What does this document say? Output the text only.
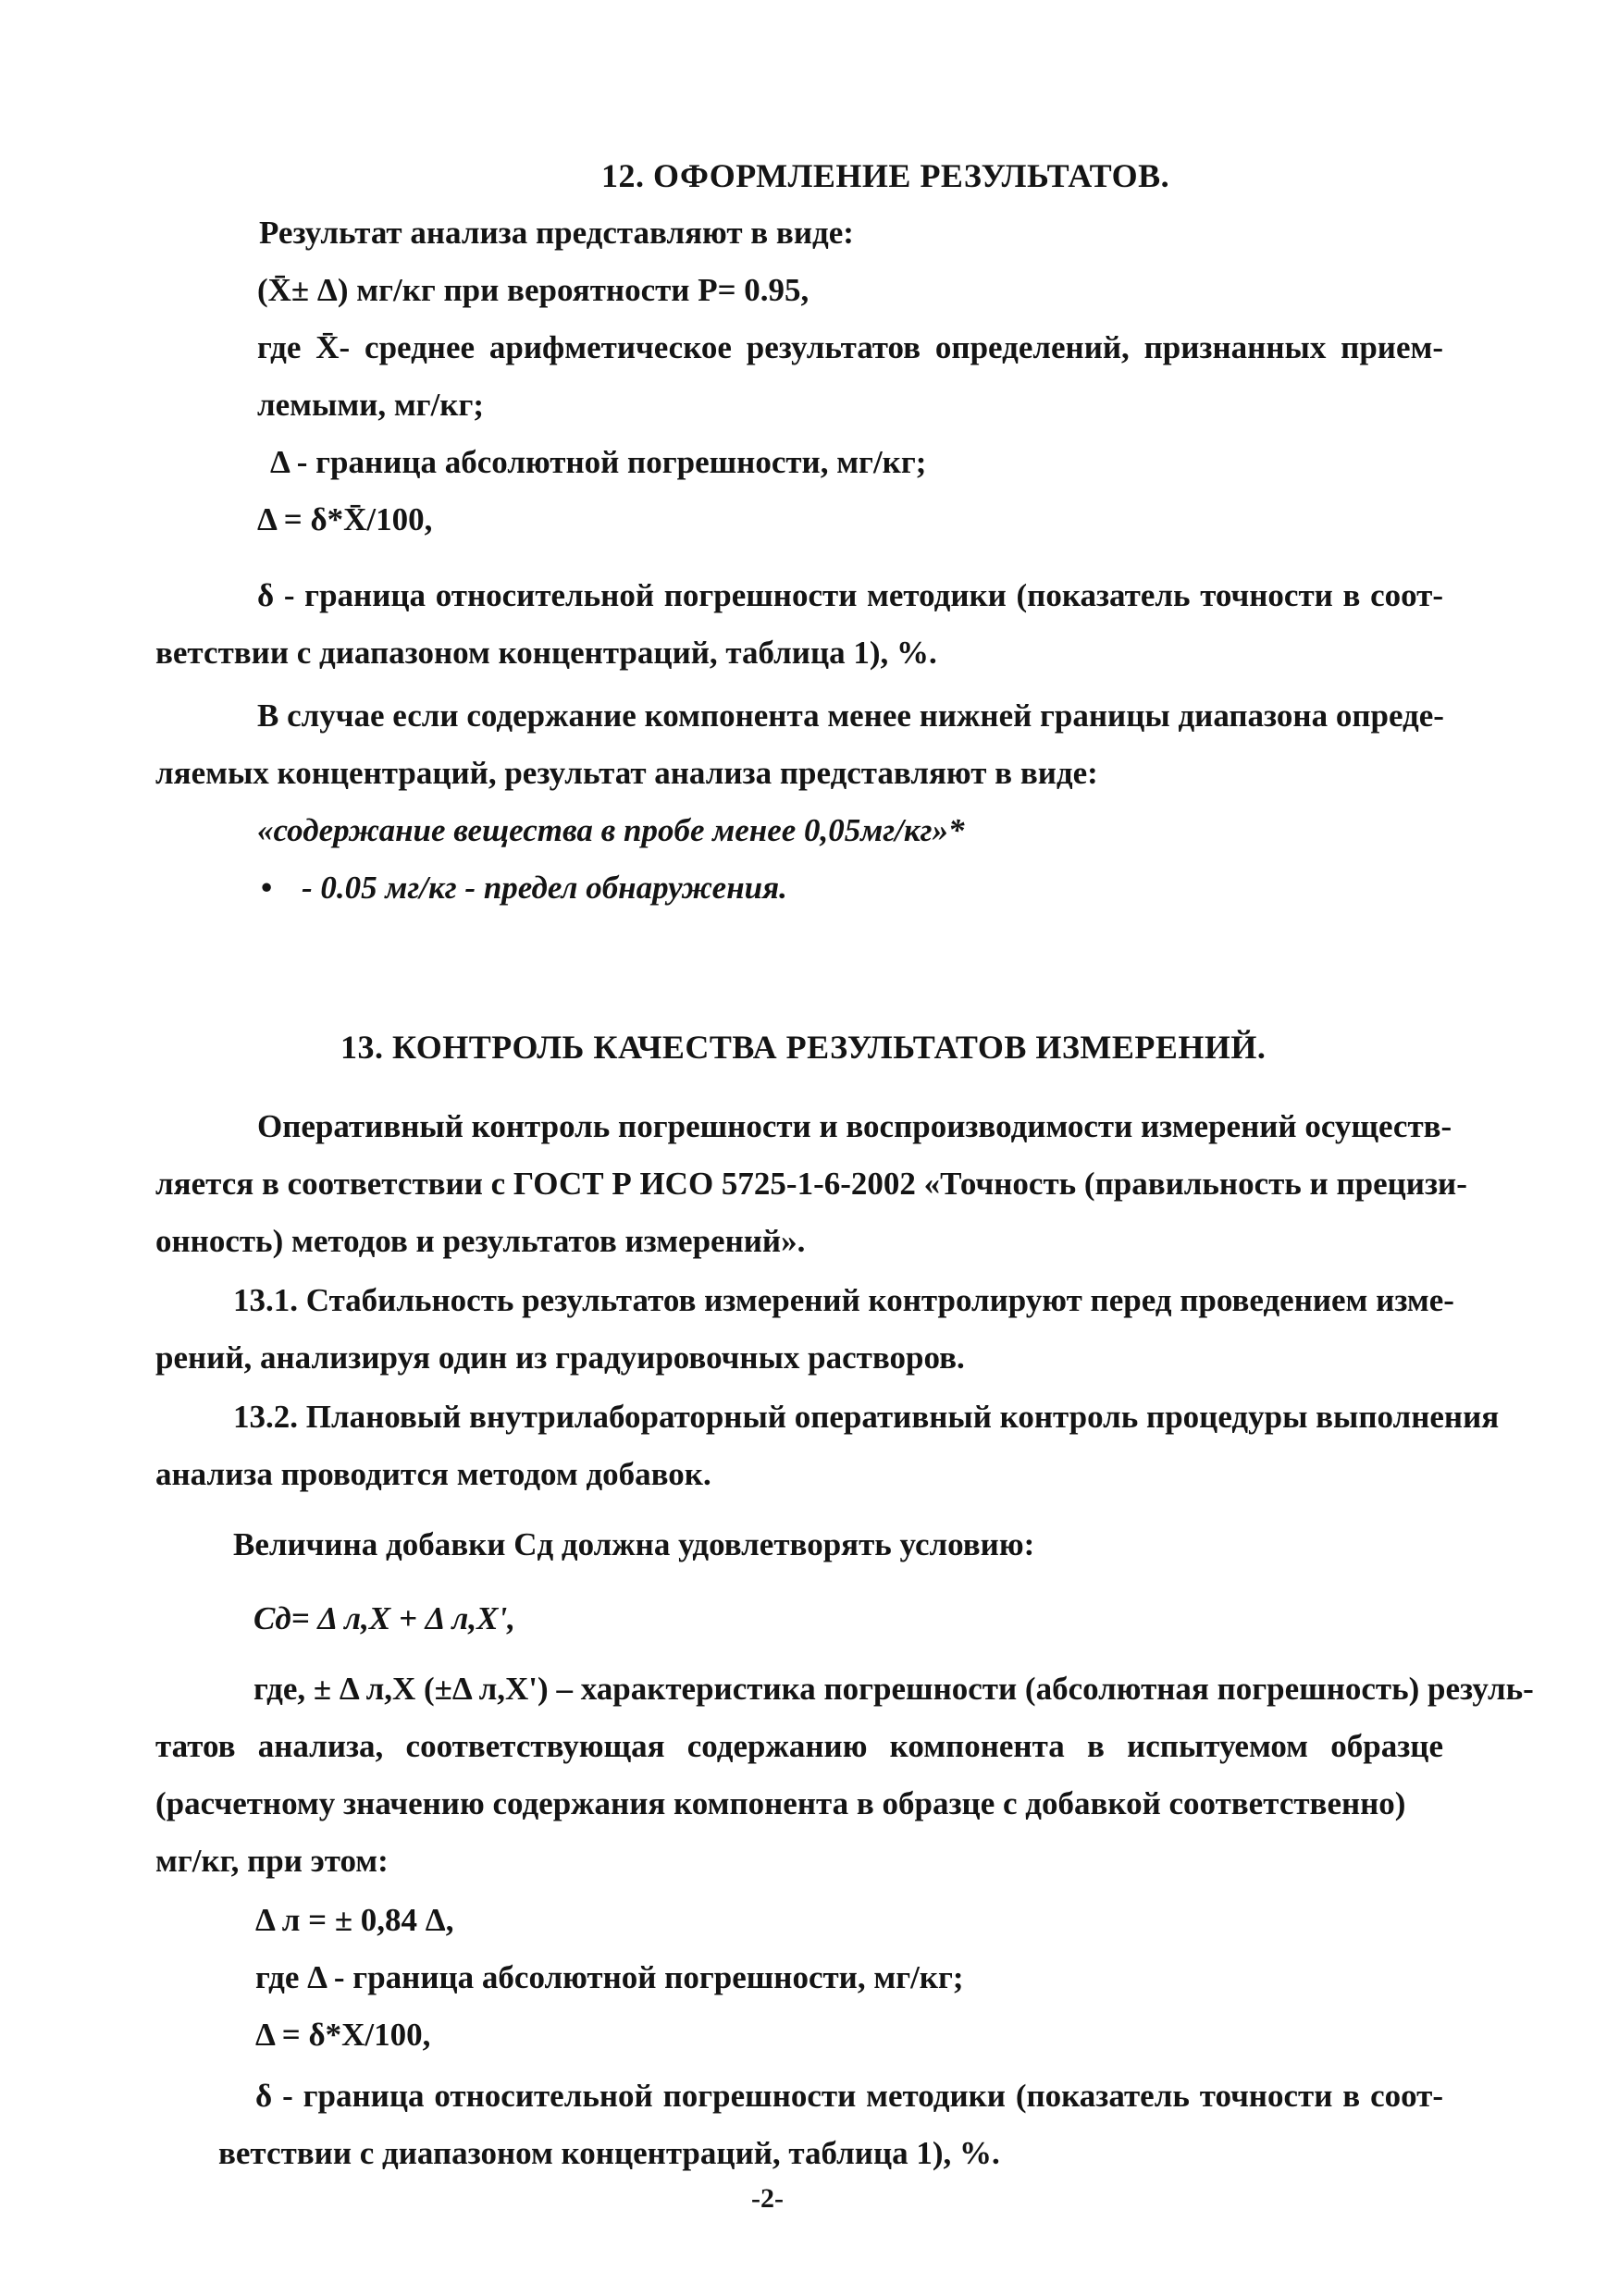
12. ОФОРМЛЕНИЕ РЕЗУЛЬТАТОВ.
Результат анализа представляют в виде:
(X̄± Δ) мг/кг при вероятности Р= 0.95,
где X̄- среднее арифметическое результатов определений, признанных прием-
лемыми, мг/кг;
Δ - граница абсолютной погрешности, мг/кг;
Δ = δ*X̄/100,
δ - граница относительной погрешности методики (показатель точности в соот-
ветствии с диапазоном концентраций, таблица 1), %.
В случае если содержание компонента менее нижней границы диапазона опреде-
ляемых концентраций, результат анализа представляют в виде:
«содержание вещества в пробе менее 0,05мг/кг»*
• - 0.05 мг/кг - предел обнаружения.
13. КОНТРОЛЬ КАЧЕСТВА РЕЗУЛЬТАТОВ ИЗМЕРЕНИЙ.
Оперативный контроль погрешности и воспроизводимости измерений осуществ-
ляется в соответствии с ГОСТ Р ИСО 5725-1-6-2002 «Точность (правильность и прецизи-
онность) методов и результатов измерений».
13.1. Стабильность результатов измерений контролируют перед проведением изме-
рений, анализируя один из градуировочных растворов.
13.2. Плановый внутрилабораторный оперативный контроль процедуры выполнения
анализа проводится методом добавок.
Величина добавки Cд должна удовлетворять условию:
Cд= Δ л,X + Δ л,X',
где, ± Δ л,X (±Δ л,X') – характеристика погрешности (абсолютная погрешность) резуль-
татов анализа, соответствующая содержанию компонента в испытуемом образце
(расчетному значению содержания компонента в образце с добавкой соответственно)
мг/кг, при этом:
Δ л = ± 0,84 Δ,
где Δ - граница абсолютной погрешности, мг/кг;
Δ = δ*X/100,
δ - граница относительной погрешности методики (показатель точности в соот-
ветствии с диапазоном концентраций, таблица 1), %.
-2-
